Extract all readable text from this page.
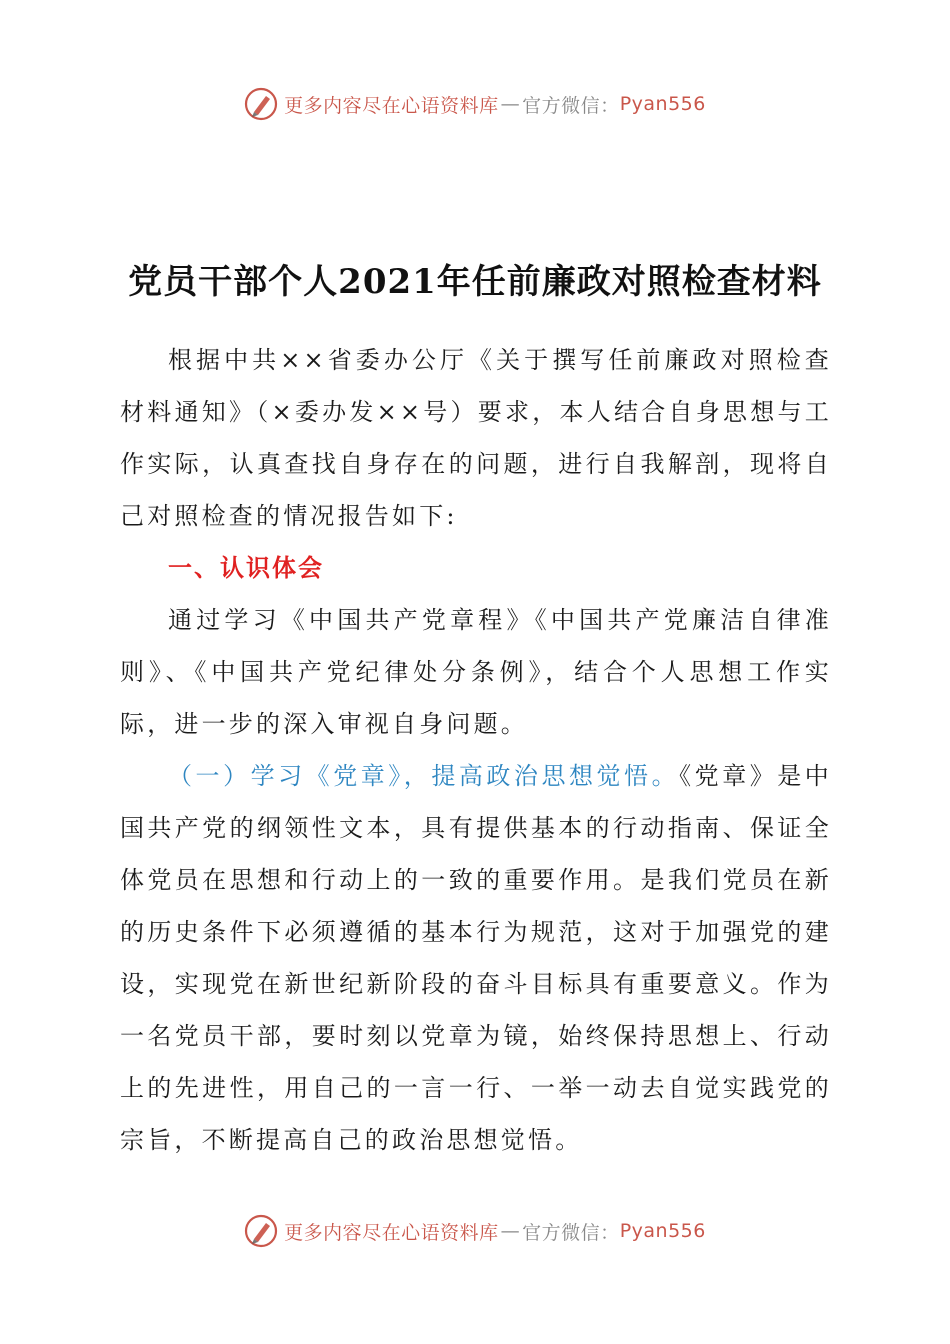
更多内容尽在心语资料库 — 官方微信： Pyan556
党员干部个人2021年任前廉政对照检查材料

根据中共××省委办公厅《关于撰写任前廉政对照检查材料通知》（×委办发××号）要求，本人结合自身思想与工作实际，认真查找自身存在的问题，进行自我解剖，现将自己对照检查的情况报告如下:

一、认识体会

通过学习《中国共产党章程》《中国共产党廉洁自律准则》、《中国共产党纪律处分条例》，结合个人思想工作实际，进一步的深入审视自身问题。

（一）学习《党章》，提高政治思想觉悟。《党章》是中国共产党的纲领性文本，具有提供基本的行动指南、保证全体党员在思想和行动上的一致的重要作用。是我们党员在新的历史条件下必须遵循的基本行为规范，这对于加强党的建设，实现党在新世纪新阶段的奋斗目标具有重要意义。作为一名党员干部，要时刻以党章为镜，始终保持思想上、行动上的先进性，用自己的一言一行、一举一动去自觉实践党的宗旨，不断提高自己的政治思想觉悟。

更多内容尽在心语资料库 — 官方微信： Pyan556
